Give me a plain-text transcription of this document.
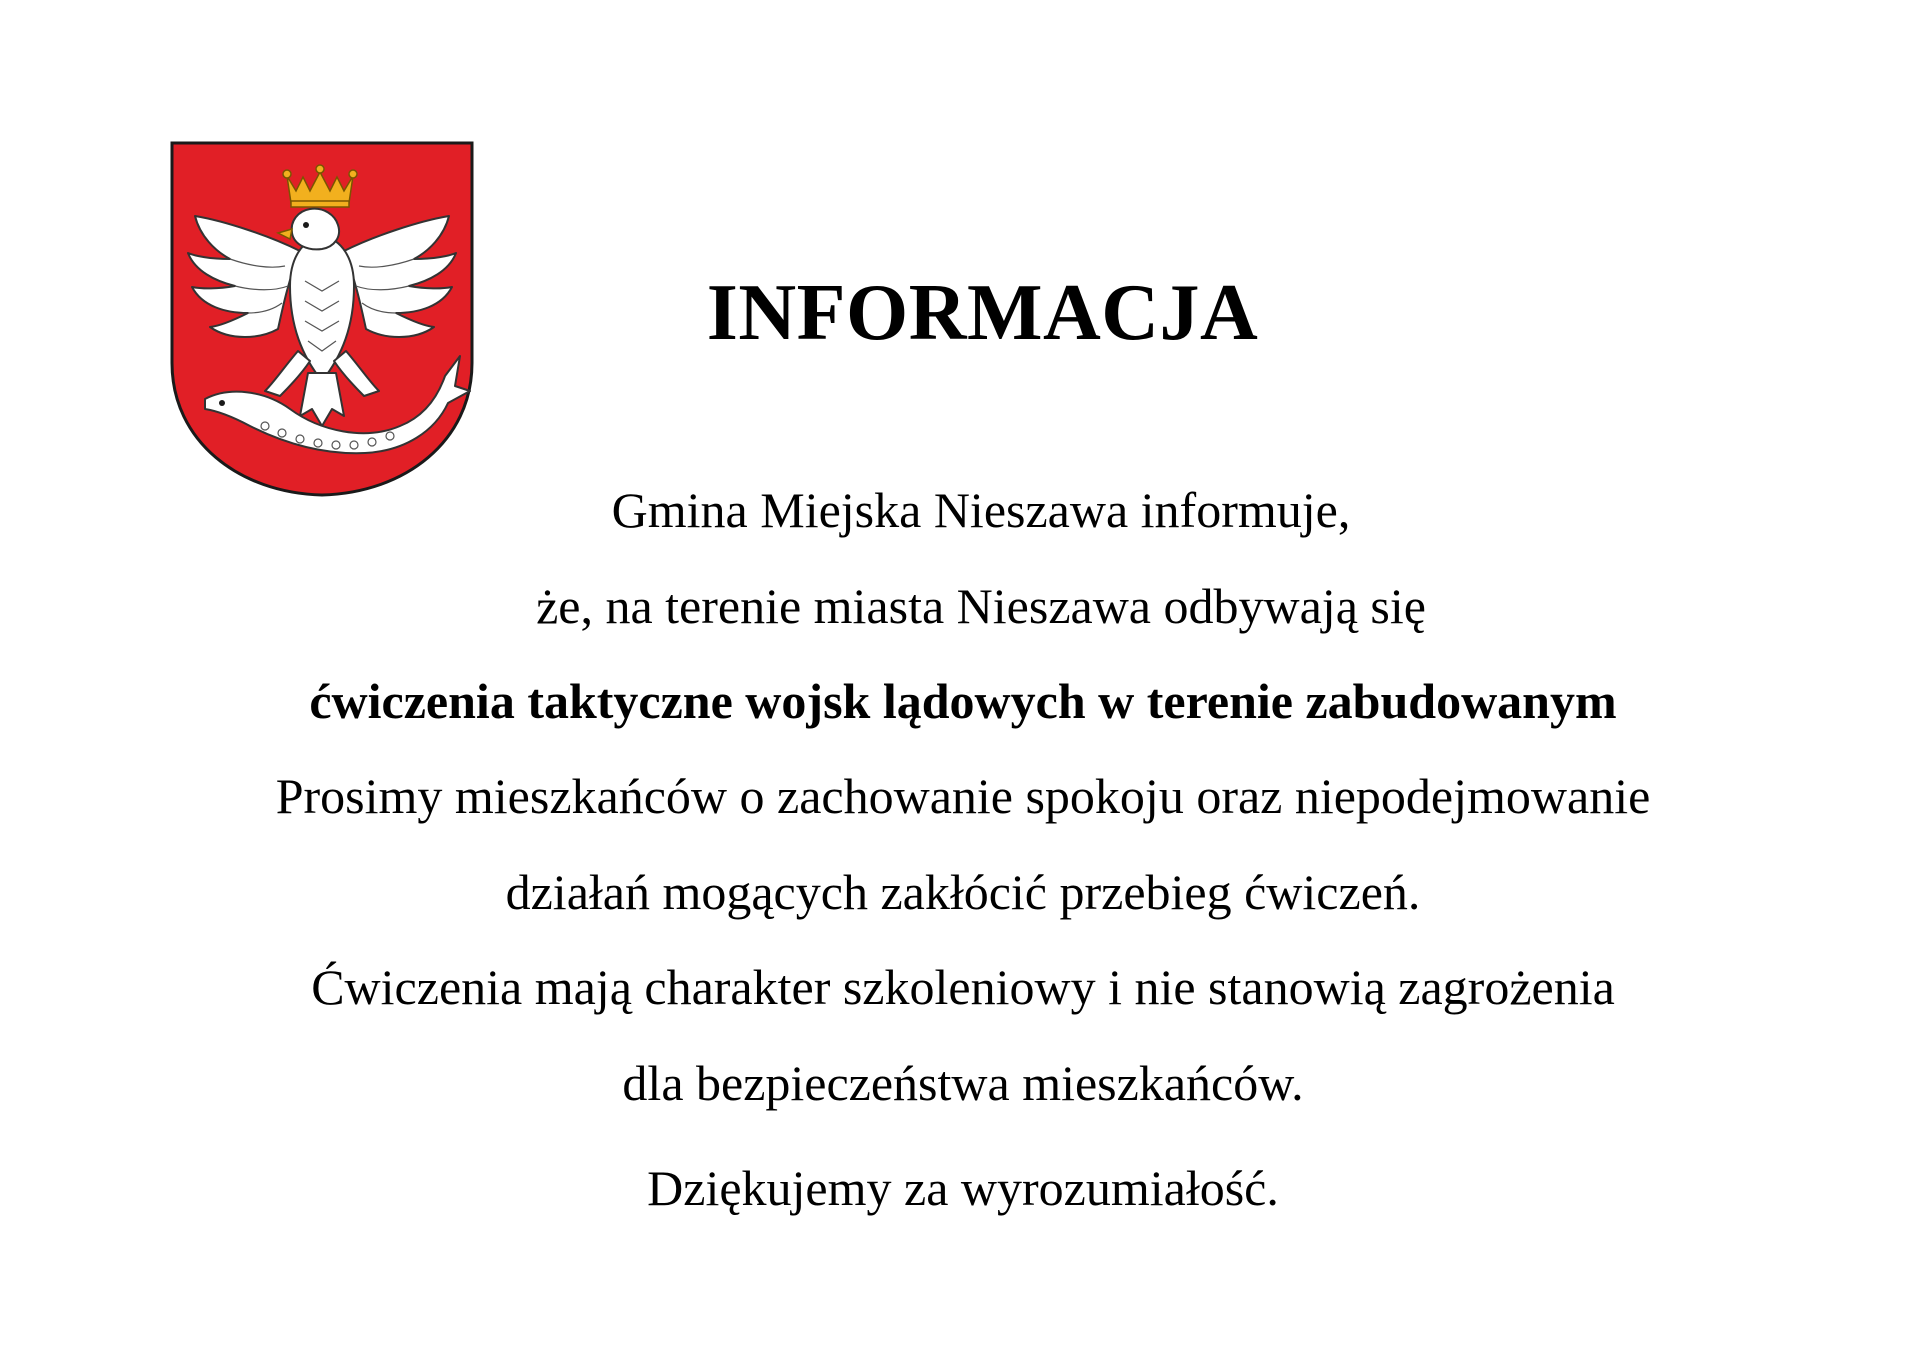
INFORMACJA
Gmina Miejska Nieszawa informuje,
że, na terenie miasta Nieszawa odbywają się
ćwiczenia taktyczne wojsk lądowych w terenie zabudowanym
Prosimy mieszkańców o zachowanie spokoju oraz niepodejmowanie
działań mogących zakłócić przebieg ćwiczeń.
Ćwiczenia mają charakter szkoleniowy i nie stanowią zagrożenia
dla bezpieczeństwa mieszkańców.
Dziękujemy za wyrozumiałość.
